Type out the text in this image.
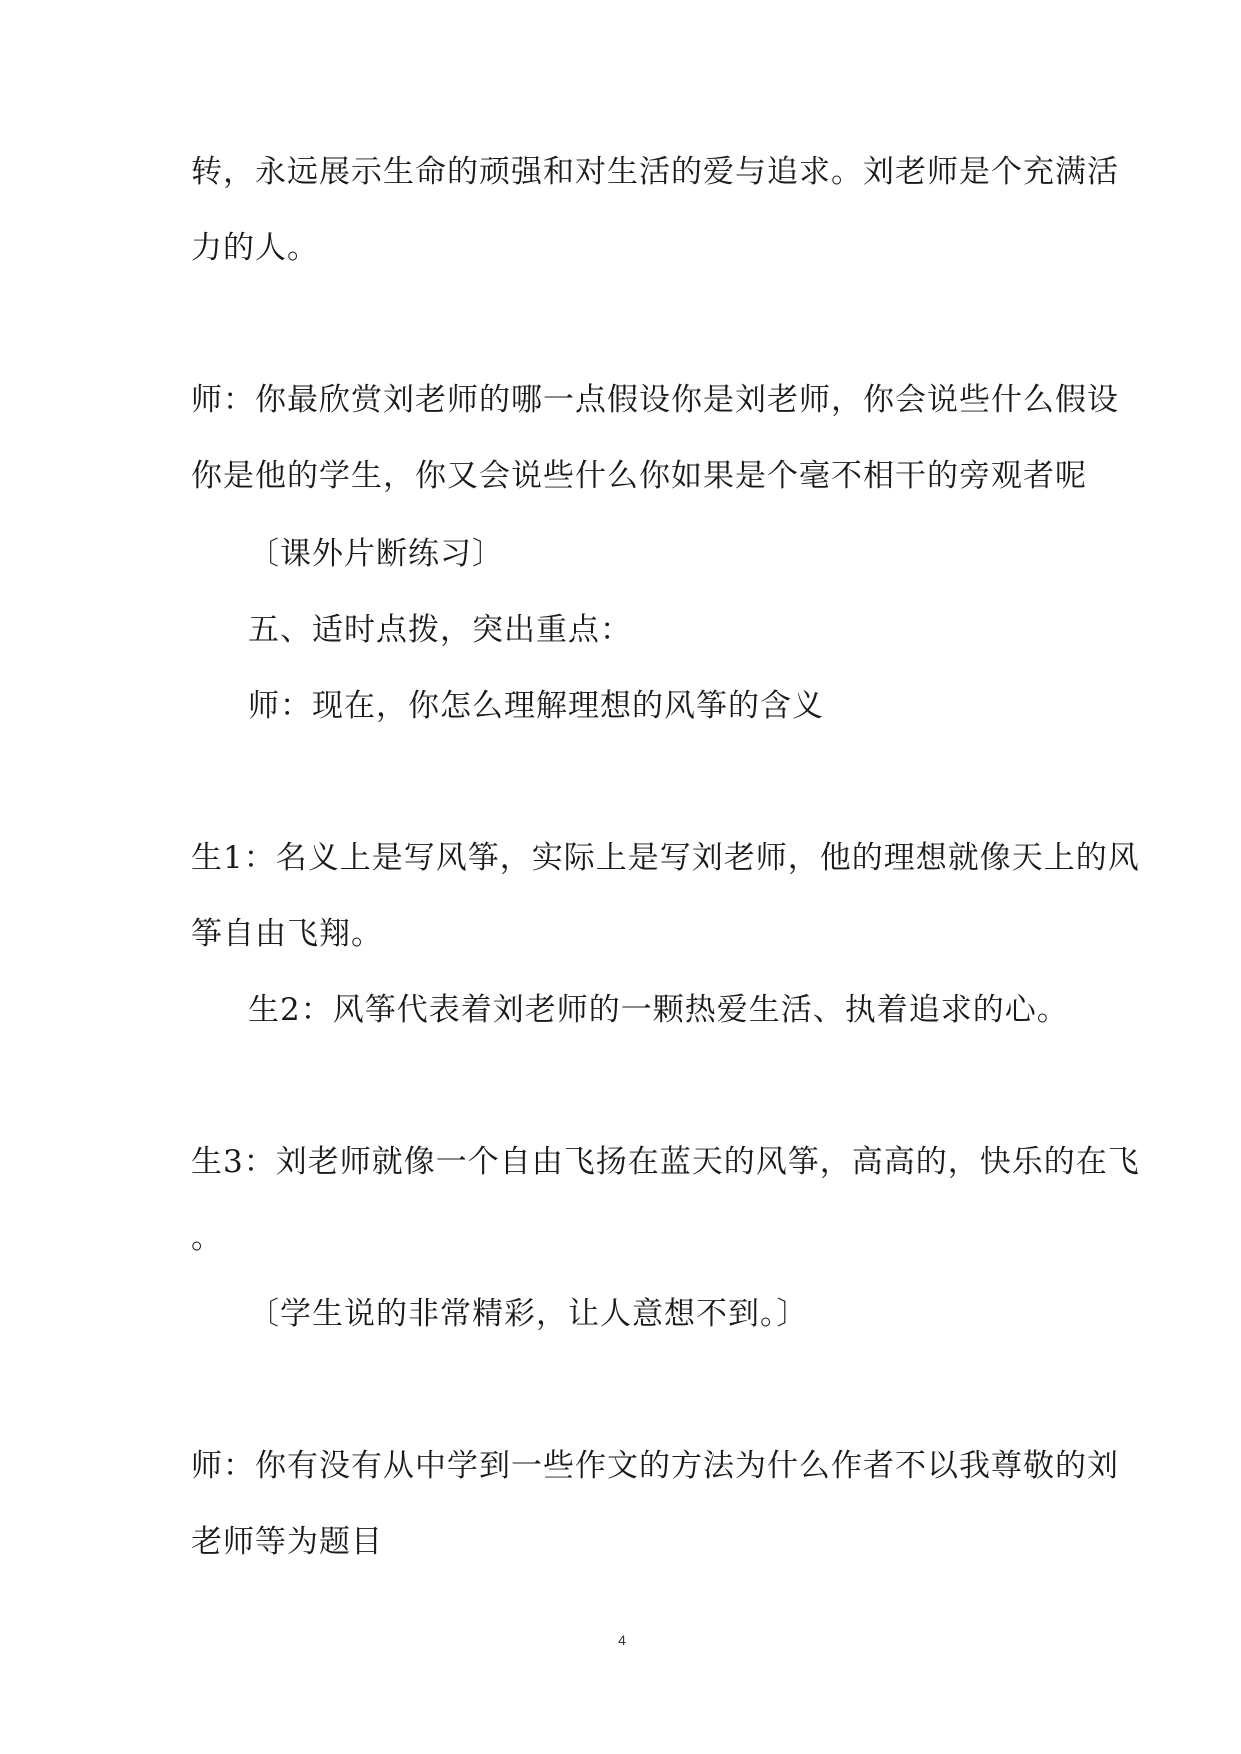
转，永远展示生命的顽强和对生活的爱与追求。刘老师是个充满活
力的人。
师：你最欣赏刘老师的哪一点假设你是刘老师，你会说些什么假设
你是他的学生，你又会说些什么你如果是个毫不相干的旁观者呢
〔课外片断练习〕
五、适时点拨，突出重点：
师：现在，你怎么理解理想的风筝的含义
生1：名义上是写风筝，实际上是写刘老师，他的理想就像天上的风
筝自由飞翔。
生2：风筝代表着刘老师的一颗热爱生活、执着追求的心。
生3：刘老师就像一个自由飞扬在蓝天的风筝，高高的，快乐的在飞
。
〔学生说的非常精彩，让人意想不到。〕
师：你有没有从中学到一些作文的方法为什么作者不以我尊敬的刘
老师等为题目
4
